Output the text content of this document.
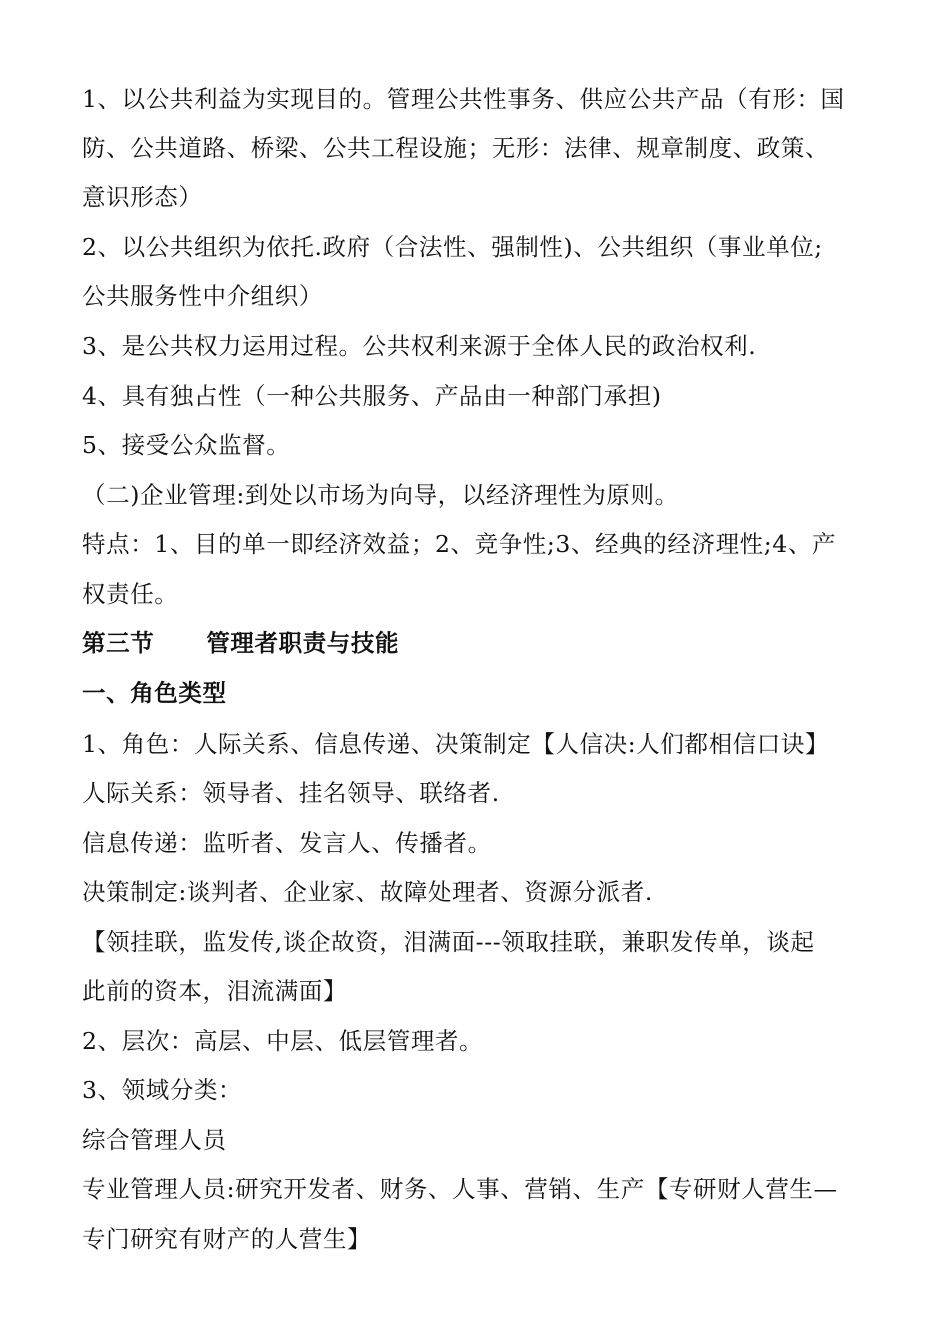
1、以公共利益为实现目的。管理公共性事务、供应公共产品（有形：国
防、公共道路、桥梁、公共工程设施；无形：法律、规章制度、政策、
意识形态）
2、以公共组织为依托.政府（合法性、强制性)、公共组织（事业单位;
公共服务性中介组织）
3、是公共权力运用过程。公共权利来源于全体人民的政治权利.
4、具有独占性（一种公共服务、产品由一种部门承担)
5、接受公众监督。
（二)企业管理:到处以市场为向导，以经济理性为原则。
特点：1、目的单一即经济效益；2、竞争性;3、经典的经济理性;4、产
权责任。
第三节 管理者职责与技能
一、角色类型
1、角色：人际关系、信息传递、决策制定【人信决:人们都相信口诀】
人际关系：领导者、挂名领导、联络者.
信息传递：监听者、发言人、传播者。
决策制定:谈判者、企业家、故障处理者、资源分派者.
【领挂联，监发传,谈企故资，泪满面---领取挂联，兼职发传单，谈起
此前的资本，泪流满面】
2、层次：高层、中层、低层管理者。
3、领域分类：
综合管理人员
专业管理人员:研究开发者、财务、人事、营销、生产【专研财人营生—
专门研究有财产的人营生】
